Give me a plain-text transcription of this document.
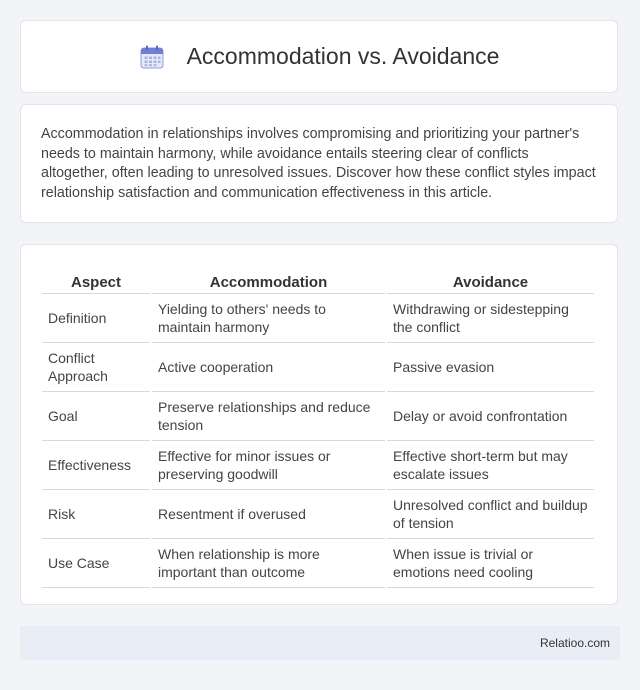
Accommodation vs. Avoidance

Accommodation in relationships involves compromising and prioritizing your partner's needs to maintain harmony, while avoidance entails steering clear of conflicts altogether, often leading to unresolved issues. Discover how these conflict styles impact relationship satisfaction and communication effectiveness in this article.

Aspect	Accommodation	Avoidance
Definition	Yielding to others' needs to maintain harmony	Withdrawing or sidestepping the conflict
Conflict Approach	Active cooperation	Passive evasion
Goal	Preserve relationships and reduce tension	Delay or avoid confrontation
Effectiveness	Effective for minor issues or preserving goodwill	Effective short-term but may escalate issues
Risk	Resentment if overused	Unresolved conflict and buildup of tension
Use Case	When relationship is more important than outcome	When issue is trivial or emotions need cooling
Relatioo.com
